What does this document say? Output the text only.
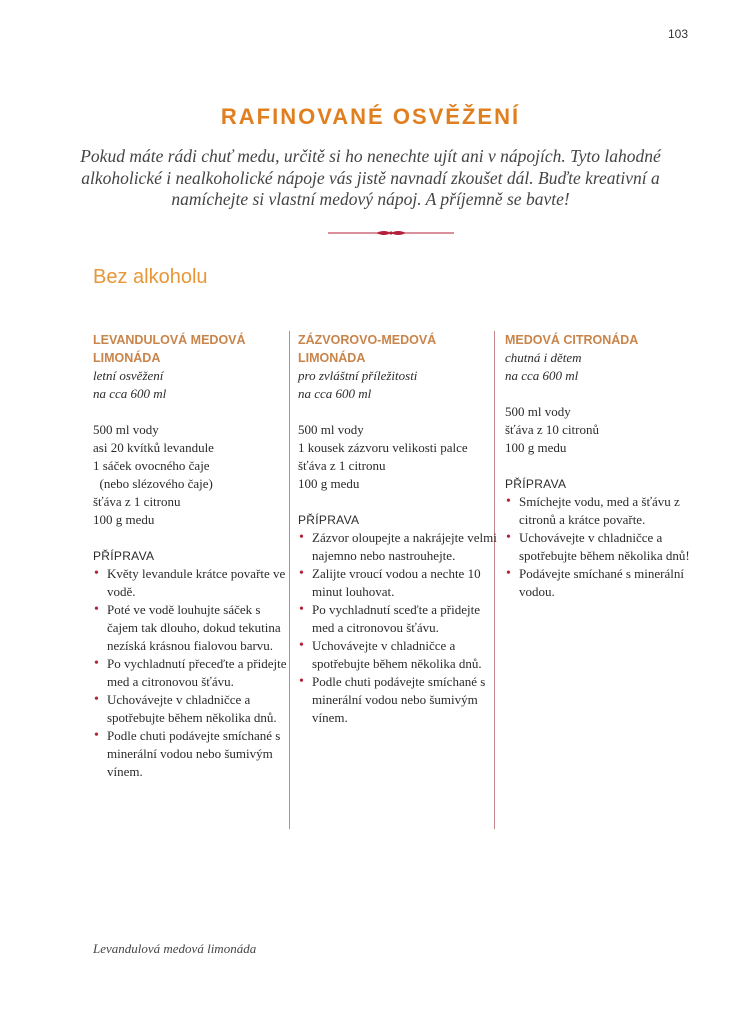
103
RAFINOVANÉ OSVĚŽENÍ

Pokud máte rádi chuť medu, určitě si ho nenechte ujít ani v nápojích. Tyto lahodné alkoholické i nealkoholické nápoje vás jistě navnadí zkoušet dál. Buďte kreativní a namíchejte si vlastní medový nápoj. A příjemně se bavte!

Bez alkoholu
LEVANDULOVÁ MEDOVÁ LIMONÁDA
letní osvěžení
na cca 600 ml
500 ml vody
asi 20 kvítků levandule
1 sáček ovocného čaje
(nebo slézového čaje)
šťáva z 1 citronu
100 g medu
PŘÍPRAVA
• Květy levandule krátce povařte ve vodě.
• Poté ve vodě louhujte sáček s čajem tak dlouho, dokud tekutina nezíská krásnou fialovou barvu.
• Po vychladnutí přeceďte a přidejte med a citronovou šťávu.
• Uchovávejte v chladničce a spotřebujte během několika dnů.
• Podle chuti podávejte smíchané s minerální vodou nebo šumivým vínem.
ZÁZVOROVO-MEDOVÁ LIMONÁDA
pro zvláštní příležitosti
na cca 600 ml
500 ml vody
1 kousek zázvoru velikosti palce
šťáva z 1 citronu
100 g medu
PŘÍPRAVA
• Zázvor oloupejte a nakrájejte velmi najemno nebo nastrouhejte.
• Zalijte vroucí vodou a nechte 10 minut louhovat.
• Po vychladnutí sceďte a přidejte med a citronovou šťávu.
• Uchovávejte v chladničce a spotřebujte během několika dnů.
• Podle chuti podávejte smíchané s minerální vodou nebo šumivým vínem.
MEDOVÁ CITRONÁDA
chutná i dětem
na cca 600 ml
500 ml vody
šťáva z 10 citronů
100 g medu
PŘÍPRAVA
• Smíchejte vodu, med a šťávu z citronů a krátce povařte.
• Uchovávejte v chladničce a spotřebujte během několika dnů!
• Podávejte smíchané s minerální vodou.
Levandulová medová limonáda
